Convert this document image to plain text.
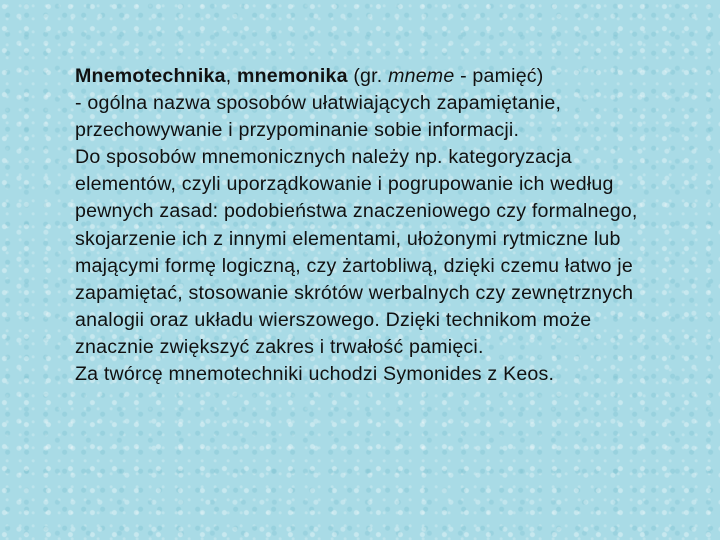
Mnemotechnika, mnemonika (gr. mneme - pamięć)
- ogólna nazwa sposobów ułatwiających zapamiętanie, przechowywanie i przypominanie sobie informacji.

Do sposobów mnemonicznych należy np. kategoryzacja elementów, czyli uporządkowanie i pogrupowanie ich według pewnych zasad: podobieństwa znaczeniowego czy formalnego, skojarzenie ich z innymi elementami, ułożonymi rytmiczne lub mającymi formę logiczną, czy żartobliwą, dzięki czemu łatwo je zapamiętać, stosowanie skrótów werbalnych czy zewnętrznych analogii oraz układu wierszowego. Dzięki technikom może znacznie zwiększyć zakres i trwałość pamięci.

Za twórcę mnemotechniki uchodzi Symonides z Keos.
